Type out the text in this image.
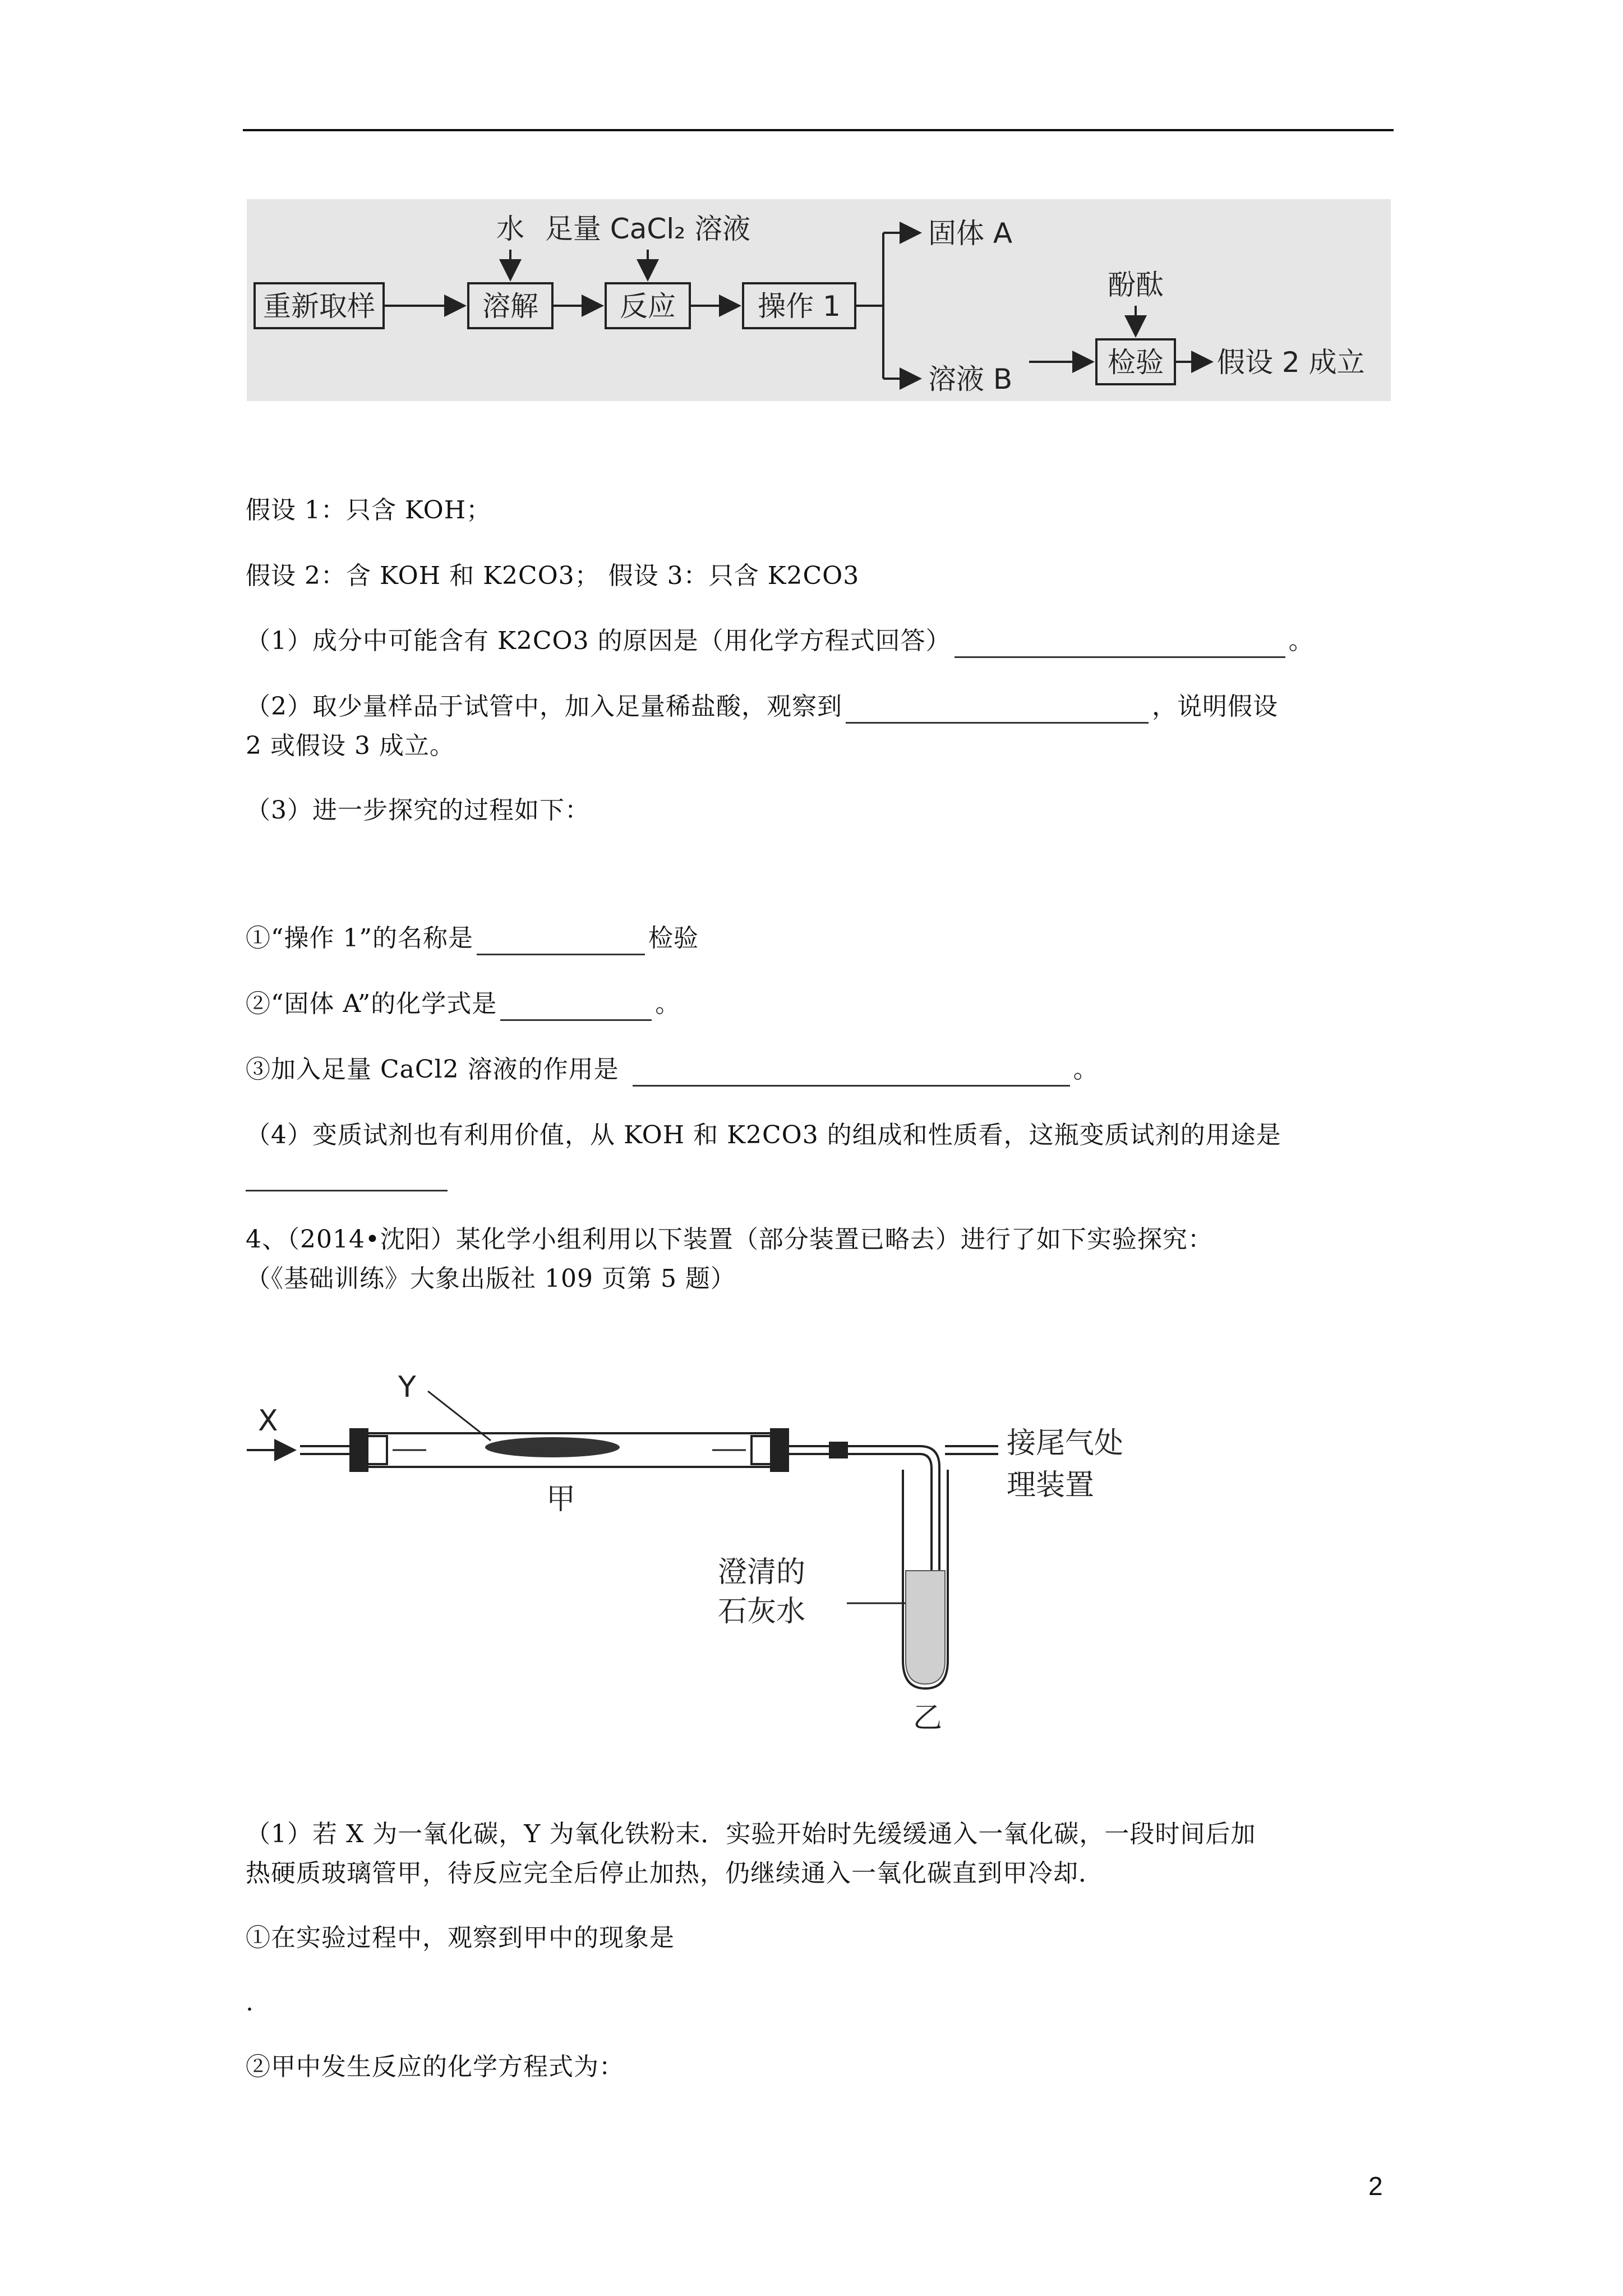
重新取样	溶解	反应	操作 1
水 足量 CaCl₂ 溶液	固体 A
溶液 B
酚酞
检验 假设 2 成立
假设 1：只含 KOH；
假设 2：含 KOH 和 K2CO3； 假设 3：只含 K2CO3
（1）成分中可能含有 K2CO3 的原因是（用化学方程式回答）	。
（2）取少量样品于试管中，加入足量稀盐酸，观察到	，说明假设
2 或假设 3 成立。
（3）进一步探究的过程如下：
①“操作 1”的名称是	检验
②“固体 A”的化学式是	。
③加入足量 CaCl2 溶液的作用是	。
（4）变质试剂也有利用价值，从 KOH 和 K2CO3 的组成和性质看，这瓶变质试剂的用途是
4、（2014•沈阳）某化学小组利用以下装置（部分装置已略去）进行了如下实验探究：
（《基础训练》大象出版社 109 页第 5 题）
X
Y
甲
接尾气处
理装置
澄清的
石灰水
乙
（1）若 X 为一氧化碳，Y 为氧化铁粉末．实验开始时先缓缓通入一氧化碳，一段时间后加
热硬质玻璃管甲，待反应完全后停止加热，仍继续通入一氧化碳直到甲冷却．
①在实验过程中，观察到甲中的现象是
.
②甲中发生反应的化学方程式为：
2
